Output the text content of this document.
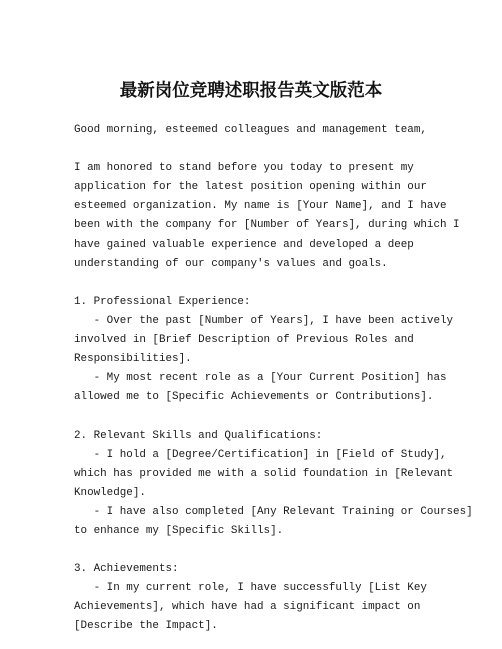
最新岗位竞聘述职报告英文版范本

Good morning, esteemed colleagues and management team,

I am honored to stand before you today to present my

application for the latest position opening within our

esteemed organization. My name is [Your Name], and I have

been with the company for [Number of Years], during which I

have gained valuable experience and developed a deep

understanding of our company's values and goals.

1. Professional Experience:

- Over the past [Number of Years], I have been actively

involved in [Brief Description of Previous Roles and

Responsibilities].

- My most recent role as a [Your Current Position] has

allowed me to [Specific Achievements or Contributions].

2. Relevant Skills and Qualifications:

- I hold a [Degree/Certification] in [Field of Study],

which has provided me with a solid foundation in [Relevant

Knowledge].

- I have also completed [Any Relevant Training or Courses]

to enhance my [Specific Skills].

3. Achievements:

- In my current role, I have successfully [List Key

Achievements], which have had a significant impact on

[Describe the Impact].
